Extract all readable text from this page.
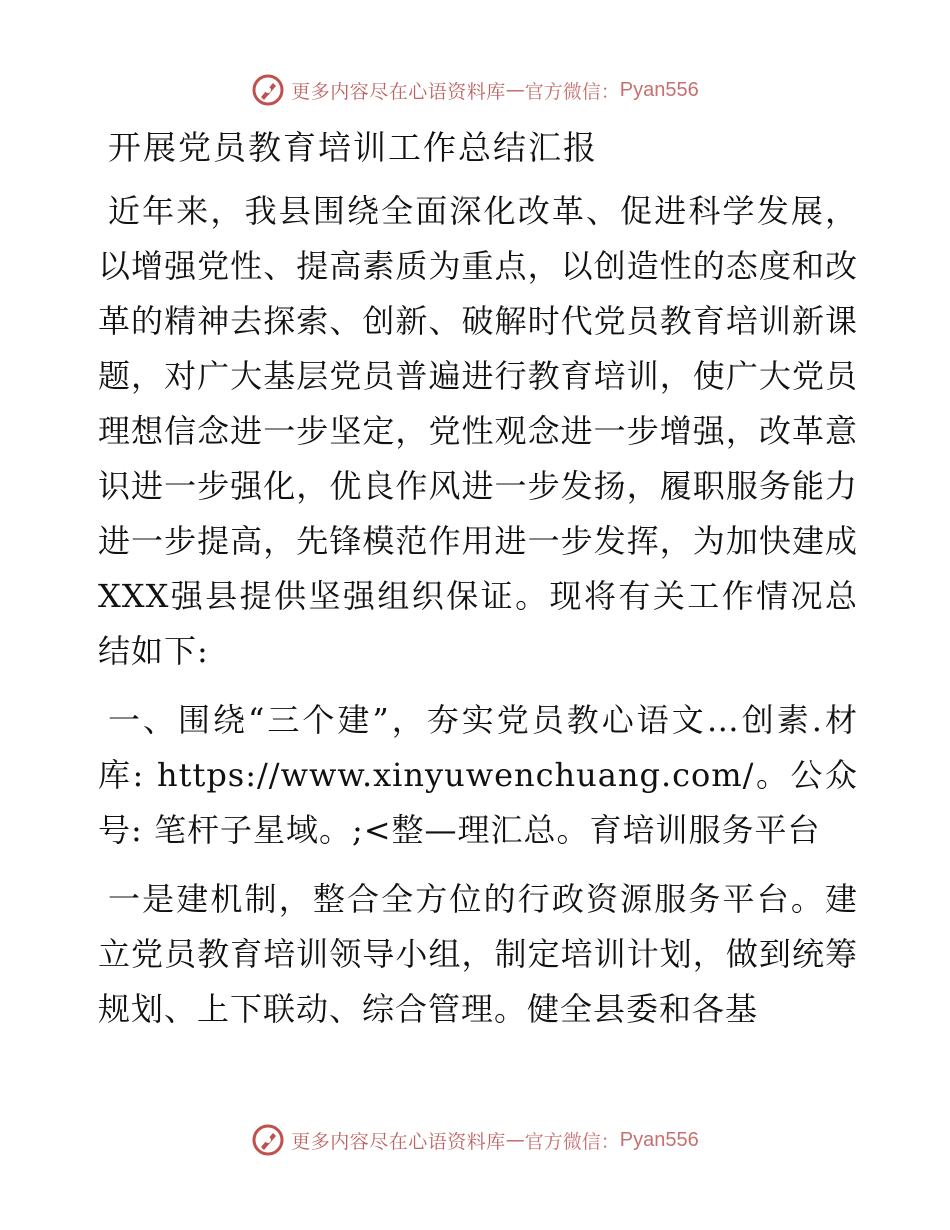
更多内容尽在心语资料库 — 官方微信： Pyan556
开展党员教育培训工作总结汇报

近年来，我县围绕全面深化改革、促进科学发展，以增强党性、提高素质为重点，以创造性的态度和改革的精神去探索、创新、破解时代党员教育培训新课题，对广大基层党员普遍进行教育培训，使广大党员理想信念进一步坚定，党性观念进一步增强，改革意识进一步强化，优良作风进一步发扬，履职服务能力进一步提高，先锋模范作用进一步发挥，为加快建成XXX强县提供坚强组织保证。现将有关工作情况总结如下:

一、围绕“三个建”，夯实党员教心语文…创素.材库: https://www.xinyuwenchuang.com/。公众号: 笔杆子星域。;<整—理汇总。育培训服务平台

一是建机制，整合全方位的行政资源服务平台。建立党员教育培训领导小组，制定培训计划，做到统筹规划、上下联动、综合管理。健全县委和各基

更多内容尽在心语资料库 — 官方微信： Pyan556
